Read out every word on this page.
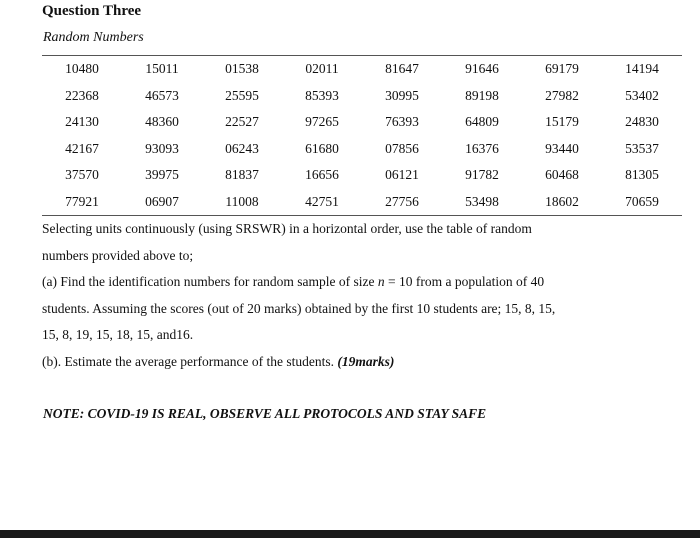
Question Three
Random Numbers
10480	15011	01538	02011	81647	91646	69179	14194
22368	46573	25595	85393	30995	89198	27982	53402
24130	48360	22527	97265	76393	64809	15179	24830
42167	93093	06243	61680	07856	16376	93440	53537
37570	39975	81837	16656	06121	91782	60468	81305
77921	06907	11008	42751	27756	53498	18602	70659

Selecting units continuously (using SRSWR) in a horizontal order, use the table of random

numbers provided above to;

(a) Find the identification numbers for random sample of size n = 10 from a population of 40

students. Assuming the scores (out of 20 marks) obtained by the first 10 students are; 15, 8, 15,

15, 8, 19, 15, 18, 15, and16.

(b). Estimate the average performance of the students. (19marks)

NOTE: COVID-19 IS REAL, OBSERVE ALL PROTOCOLS AND STAY SAFE
